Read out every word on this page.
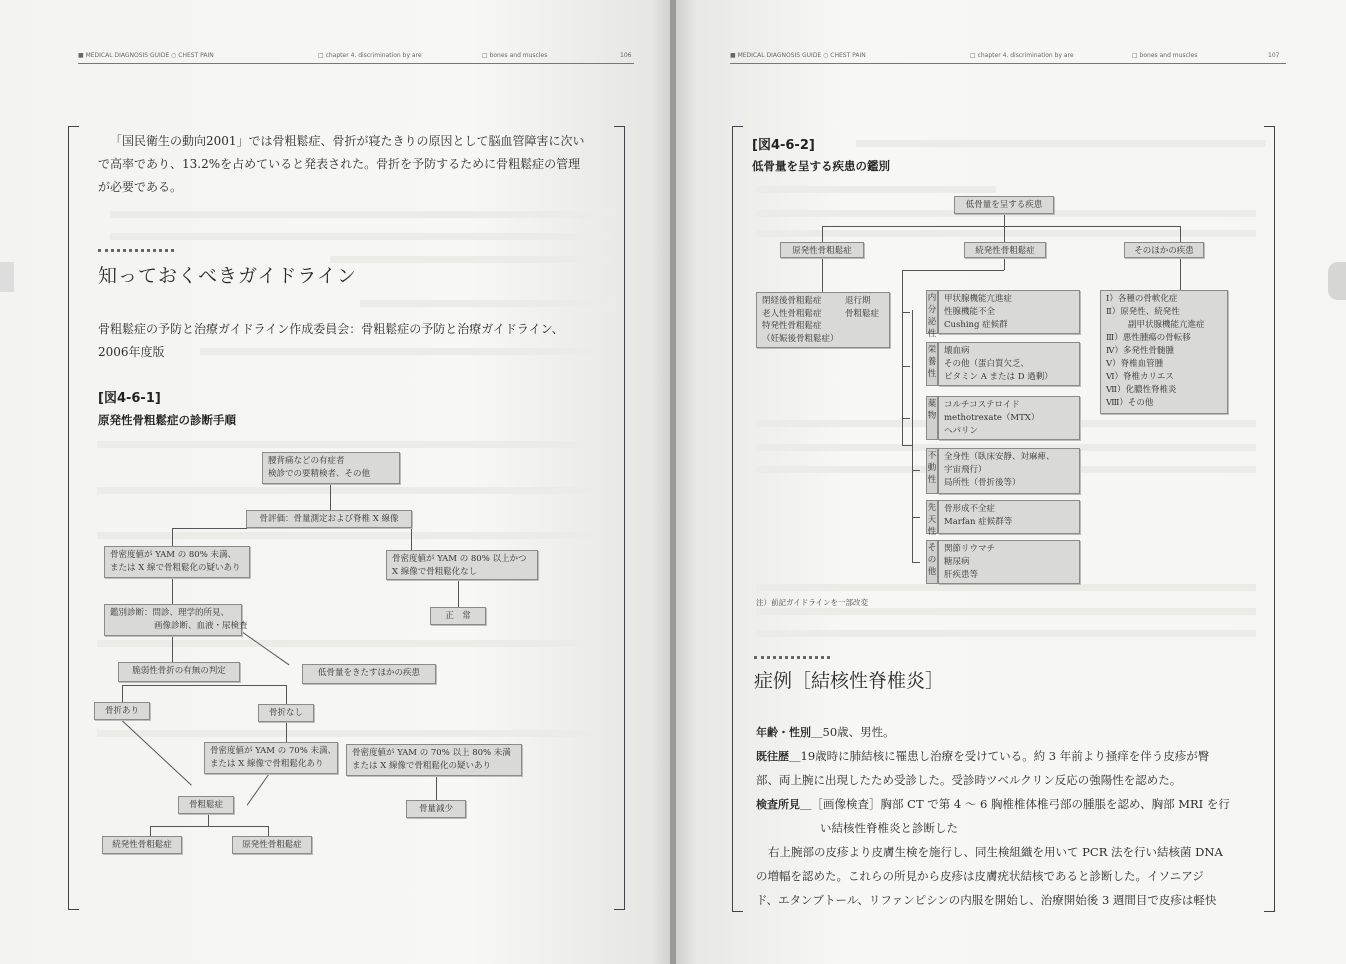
■ MEDICAL DIAGNOSIS GUIDE ○ CHEST PAIN	□ chapter 4. discrimination by are	□ bones and muscles	106
「国民衛生の動向2001」では骨粗鬆症、骨折が寝たきりの原因として脳血管障害に次い
で高率であり、13.2%を占めていると発表された。骨折を予防するために骨粗鬆症の管理
が必要である。
知っておくべきガイドライン
骨粗鬆症の予防と治療ガイドライン作成委員会：骨粗鬆症の予防と治療ガイドライン、
2006年度版
[図4-6-1]
原発性骨粗鬆症の診断手順
腰背痛などの有症者
検診での要精検者、その他
骨評価：骨量測定および脊椎 X 線像
骨密度値が YAM の 80% 未満、
または X 線で骨粗鬆化の疑いあり
骨密度値が YAM の 80% 以上かつ
X 線像で骨粗鬆化なし
正　常
鑑別診断：問診、理学的所見、
画像診断、血液・尿検査
脆弱性骨折の有無の判定	低骨量をきたすほかの疾患
骨折あり	骨折なし
骨密度値が YAM の 70% 未満、
または X 線像で骨粗鬆化あり
骨密度値が YAM の 70% 以上 80% 未満
または X 線像で骨粗鬆化の疑いあり
骨粗鬆症	骨量減少
続発性骨粗鬆症	原発性骨粗鬆症
■ MEDICAL DIAGNOSIS GUIDE ○ CHEST PAIN	□ chapter 4. discrimination by are	□ bones and muscles	107
[図4-6-2]
低骨量を呈する疾患の鑑別
低骨量を呈する疾患
原発性骨粗鬆症	続発性骨粗鬆症	そのほかの疾患
閉経後骨粗鬆症
老人性骨粗鬆症
特発性骨粗鬆症
（妊娠後骨粗鬆症）
退行期
骨粗鬆症
内分泌性
甲状腺機能亢進症
性腺機能不全
Cushing 症候群
栄養性
壊血病
その他（蛋白質欠乏、
ビタミン A または D 過剰）
薬物
コルチコステロイド
methotrexate（MTX）
ヘパリン
不動性
全身性（臥床安静、対麻痺、
宇宙飛行）
局所性（骨折後等）
先天性
骨形成不全症
Marfan 症候群等
その他
関節リウマチ
糖尿病
肝疾患等
Ⅰ）各種の骨軟化症
Ⅱ）原発性、続発性
副甲状腺機能亢進症
Ⅲ）悪性腫瘍の骨転移
Ⅳ）多発性骨髄腫
Ⅴ）脊椎血管腫
Ⅵ）脊椎カリエス
Ⅶ）化膿性脊椎炎
Ⅷ）その他
注）前記ガイドラインを一部改変
症例［結核性脊椎炎］
年齢・性別＿50歳、男性。
既往歴＿19歳時に肺結核に罹患し治療を受けている。約 3 年前より掻痒を伴う皮疹が臀
部、両上腕に出現したため受診した。受診時ツベルクリン反応の強陽性を認めた。
検査所見＿［画像検査］胸部 CT で第 4 ～ 6 胸椎椎体椎弓部の腫脹を認め、胸部 MRI を行
い結核性脊椎炎と診断した
右上腕部の皮疹より皮膚生検を施行し、同生検組織を用いて PCR 法を行い結核菌 DNA
の増幅を認めた。これらの所見から皮疹は皮膚疣状結核であると診断した。イソニアジ
ド、エタンブトール、リファンピシンの内服を開始し、治療開始後 3 週間目で皮疹は軽快
